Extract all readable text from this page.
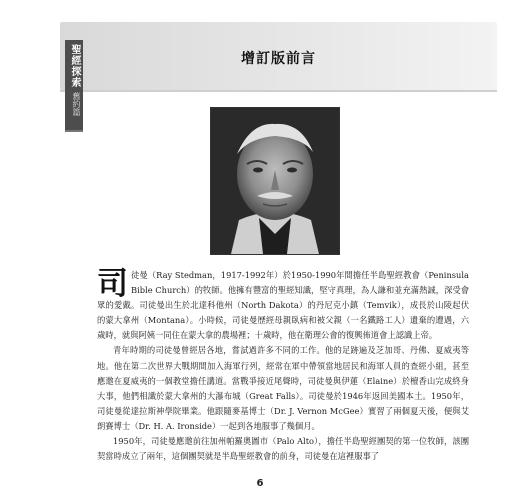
增訂版前言
聖經探索
舊約篇

司徒曼（Ray Stedman，1917-1992年）於1950-1990年間擔任半島聖經教會（Peninsula Bible Church）的牧師。他擁有豐富的聖經知識，堅守真理，為人謙和並充滿熱誠，深受會眾的愛戴。司徒曼出生於北達科他州（North Dakota）的丹尼克小鎮（Temvik），成長於山陵起伏的蒙大拿州（Montana）。小時候，司徒曼歷經母親臥病和被父親（一名鐵路工人）遺棄的遭遇，六歲時，就與阿姨一同住在蒙大拿的農場裡；十歲時，他在衛理公會的復興佈道會上認識上帝。

青年時期的司徒曼曾經居各地，嘗試過許多不同的工作。他的足跡遍及芝加哥、丹佛、夏威夷等地。他在第二次世界大戰期間加入海軍行列，經常在軍中帶領當地居民和海軍人員的查經小組，甚至應邀在夏威夷的一個教堂擔任講道。當戰爭接近尾聲時，司徒曼與伊蓮（Elaine）於檀香山完成終身大事，他們相識於蒙大拿州的大瀑布城（Great Falls）。司徒曼於1946年返回美國本土。1950年，司徒曼從達拉斯神學院畢業。他跟隨麥基博士（Dr. J. Vernon McGee）實習了兩個夏天後，便與艾朗賽博士（Dr. H. A. Ironside）一起到各地服事了幾個月。

1950年，司徒曼應邀前往加州帕羅奧圖市（Palo Alto），擔任半島聖經團契的第一位牧師，該團契當時成立了兩年，這個團契就是半島聖經教會的前身，司徒曼在這裡服事了

6
